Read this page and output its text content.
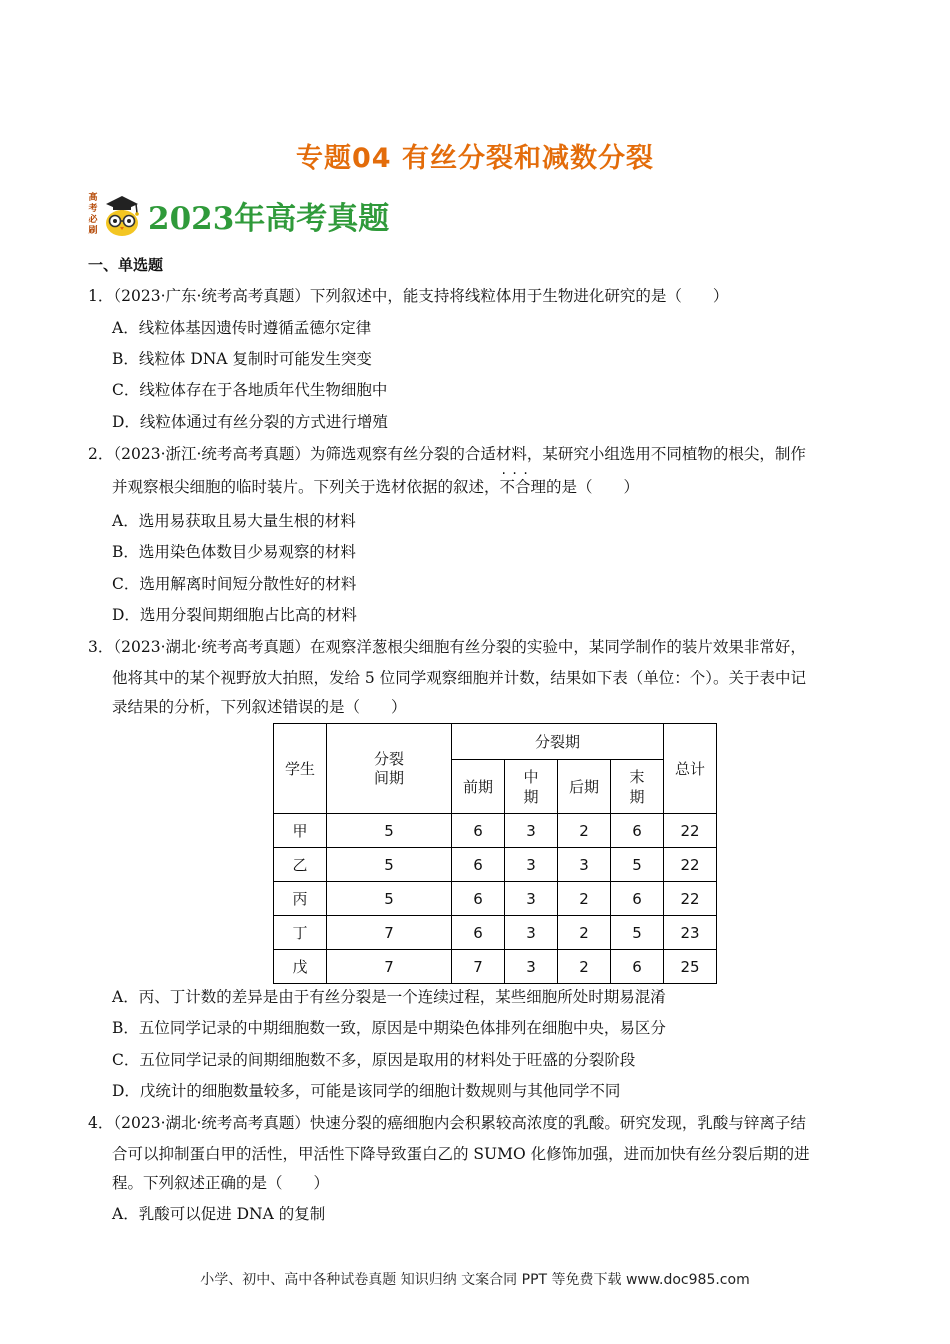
专题04 有丝分裂和减数分裂
高考必刷 2023年高考真题
一、单选题
1．（2023·广东·统考高考真题）下列叙述中，能支持将线粒体用于生物进化研究的是（　　）
A．线粒体基因遗传时遵循孟德尔定律
B．线粒体 DNA 复制时可能发生突变
C．线粒体存在于各地质年代生物细胞中
D．线粒体通过有丝分裂的方式进行增殖
2．（2023·浙江·统考高考真题）为筛选观察有丝分裂的合适材料，某研究小组选用不同植物的根尖，制作
并观察根尖细胞的临时装片。下列关于选材依据的叙述，· · · 不合理的是（　　）
A．选用易获取且易大量生根的材料
B．选用染色体数目少易观察的材料
C．选用解离时间短分散性好的材料
D．选用分裂间期细胞占比高的材料
3．（2023·湖北·统考高考真题）在观察洋葱根尖细胞有丝分裂的实验中，某同学制作的装片效果非常好，
他将其中的某个视野放大拍照，发给 5 位同学观察细胞并计数，结果如下表（单位：个）。关于表中记
录结果的分析，下列叙述错误的是（　　）
学生	分裂间期	分裂期				总计
		前期	中期	后期	末期	
甲	5	6	3	2	6	22
乙	5	6	3	3	5	22
丙	5	6	3	2	6	22
丁	7	6	3	2	5	23
戊	7	7	3	2	6	25
A．丙、丁计数的差异是由于有丝分裂是一个连续过程，某些细胞所处时期易混淆
B．五位同学记录的中期细胞数一致，原因是中期染色体排列在细胞中央，易区分
C．五位同学记录的间期细胞数不多，原因是取用的材料处于旺盛的分裂阶段
D．戊统计的细胞数量较多，可能是该同学的细胞计数规则与其他同学不同
4．（2023·湖北·统考高考真题）快速分裂的癌细胞内会积累较高浓度的乳酸。研究发现，乳酸与锌离子结
合可以抑制蛋白甲的活性，甲活性下降导致蛋白乙的 SUMO 化修饰加强，进而加快有丝分裂后期的进
程。下列叙述正确的是（　　）
A．乳酸可以促进 DNA 的复制
小学、初中、高中各种试卷真题 知识归纳 文案合同 PPT 等免费下载 www.doc985.com
